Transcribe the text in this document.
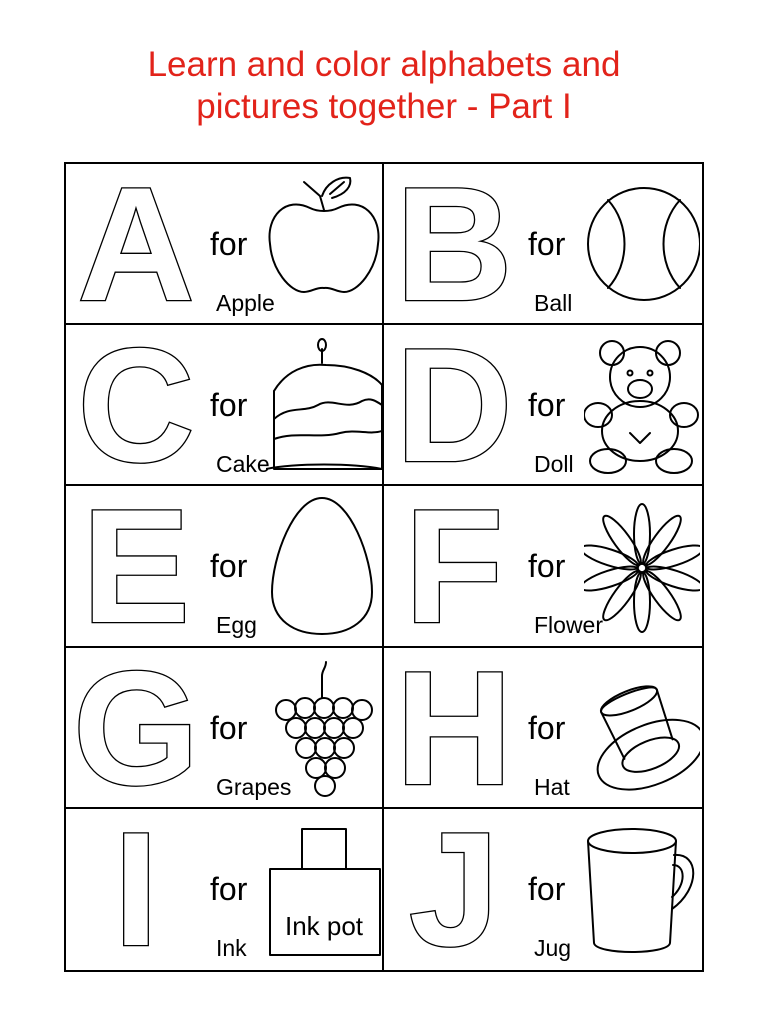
Learn and color alphabets and
pictures together - Part I
A for
Apple B for
Ball
C for
Cake D for
Doll
E for
Egg F for
Flower
G for
Grapes H for
Hat
I for
Ink
Ink pot J for
Jug
